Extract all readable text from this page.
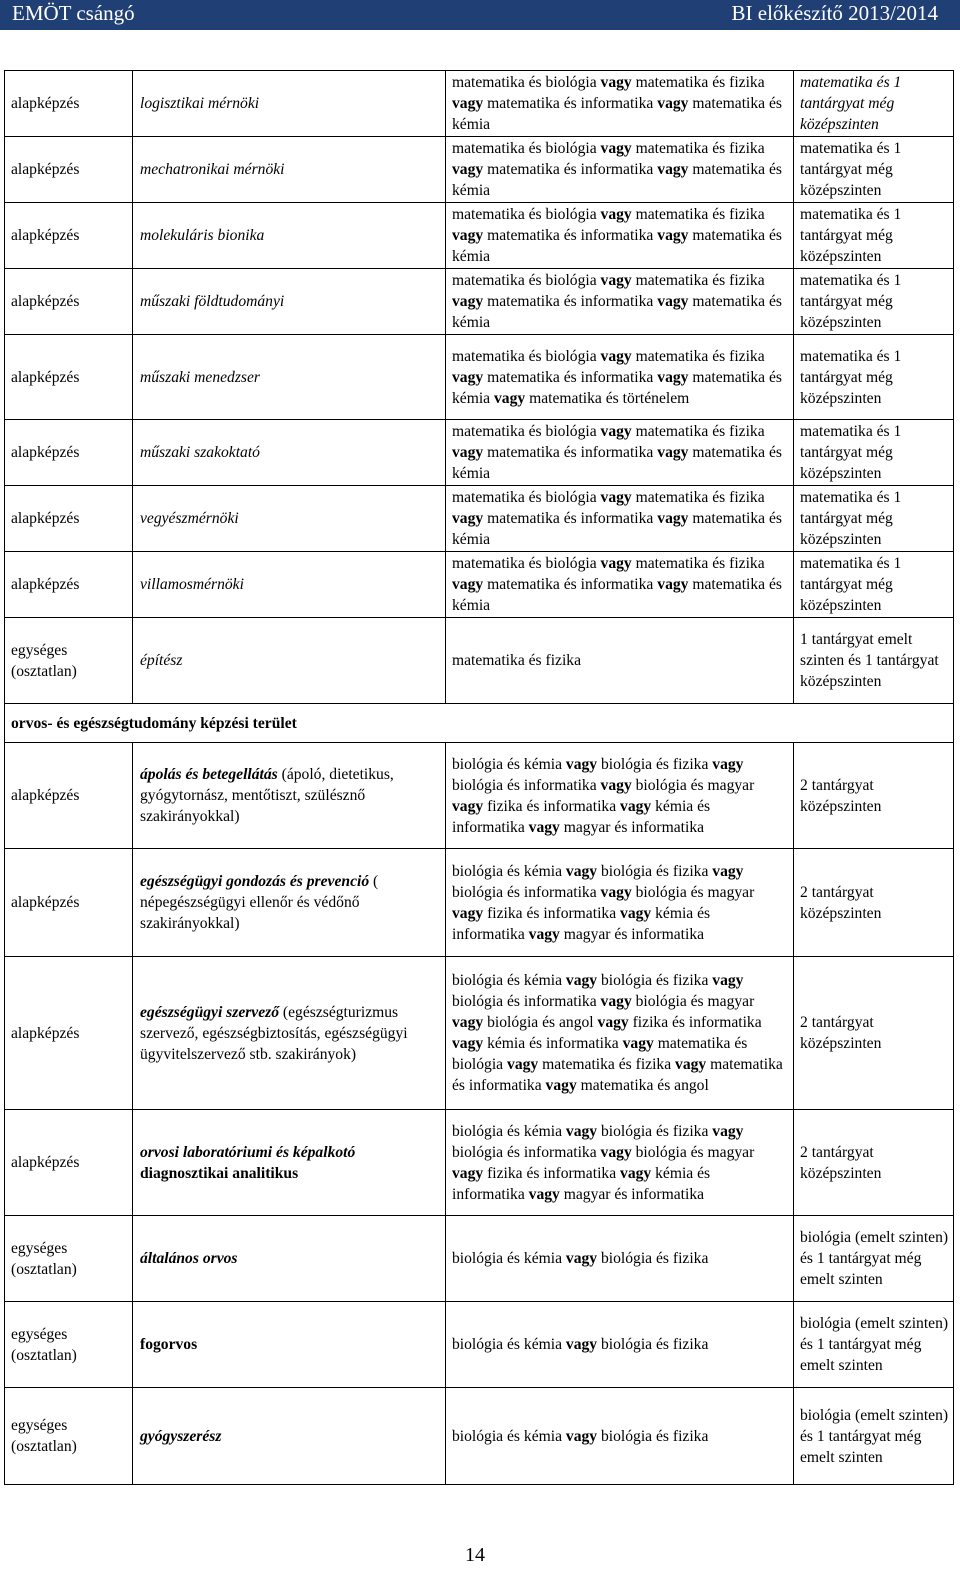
EMÖT csángó	BI előkészítő 2013/2014
alapképzés	logisztikai mérnöki	matematika és biológia vagy matematika és fizika vagy matematika és informatika vagy matematika és kémia	matematika és 1 tantárgyat még középszinten
alapképzés	mechatronikai mérnöki	matematika és biológia vagy matematika és fizika vagy matematika és informatika vagy matematika és kémia	matematika és 1 tantárgyat még középszinten
alapképzés	molekuláris bionika	matematika és biológia vagy matematika és fizika vagy matematika és informatika vagy matematika és kémia	matematika és 1 tantárgyat még középszinten
alapképzés	műszaki földtudományi	matematika és biológia vagy matematika és fizika vagy matematika és informatika vagy matematika és kémia	matematika és 1 tantárgyat még középszinten
alapképzés	műszaki menedzser	matematika és biológia vagy matematika és fizika vagy matematika és informatika vagy matematika és kémia vagy matematika és történelem	matematika és 1 tantárgyat még középszinten
alapképzés	műszaki szakoktató	matematika és biológia vagy matematika és fizika vagy matematika és informatika vagy matematika és kémia	matematika és 1 tantárgyat még középszinten
alapképzés	vegyészmérnöki	matematika és biológia vagy matematika és fizika vagy matematika és informatika vagy matematika és kémia	matematika és 1 tantárgyat még középszinten
alapképzés	villamosmérnöki	matematika és biológia vagy matematika és fizika vagy matematika és informatika vagy matematika és kémia	matematika és 1 tantárgyat még középszinten
egységes (osztatlan)	építész	matematika és fizika	1 tantárgyat emelt szinten és 1 tantárgyat középszinten
orvos- és egészségtudomány képzési terület			
alapképzés	ápolás és betegellátás (ápoló, dietetikus, gyógytornász, mentőtiszt, szülésznő szakirányokkal)	biológia és kémia vagy biológia és fizika vagy biológia és informatika vagy biológia és magyar vagy fizika és informatika vagy kémia és informatika vagy magyar és informatika	2 tantárgyat középszinten
alapképzés	egészségügyi gondozás és prevenció ( népegészségügyi ellenőr és védőnő szakirányokkal)	biológia és kémia vagy biológia és fizika vagy biológia és informatika vagy biológia és magyar vagy fizika és informatika vagy kémia és informatika vagy magyar és informatika	2 tantárgyat középszinten
alapképzés	egészségügyi szervező (egészségturizmus szervező, egészségbiztosítás, egészségügyi ügyvitelszervező stb. szakirányok)	biológia és kémia vagy biológia és fizika vagy biológia és informatika vagy biológia és magyar vagy biológia és angol vagy fizika és informatika vagy kémia és informatika vagy matematika és biológia vagy matematika és fizika vagy matematika és informatika vagy matematika és angol	2 tantárgyat középszinten
alapképzés	orvosi laboratóriumi és képalkotó diagnosztikai analitikus	biológia és kémia vagy biológia és fizika vagy biológia és informatika vagy biológia és magyar vagy fizika és informatika vagy kémia és informatika vagy magyar és informatika	2 tantárgyat középszinten
egységes (osztatlan)	általános orvos	biológia és kémia vagy biológia és fizika	biológia (emelt szinten) és 1 tantárgyat még emelt szinten
egységes (osztatlan)	fogorvos	biológia és kémia vagy biológia és fizika	biológia (emelt szinten) és 1 tantárgyat még emelt szinten
egységes (osztatlan)	gyógyszerész	biológia és kémia vagy biológia és fizika	biológia (emelt szinten) és 1 tantárgyat még emelt szinten
14
